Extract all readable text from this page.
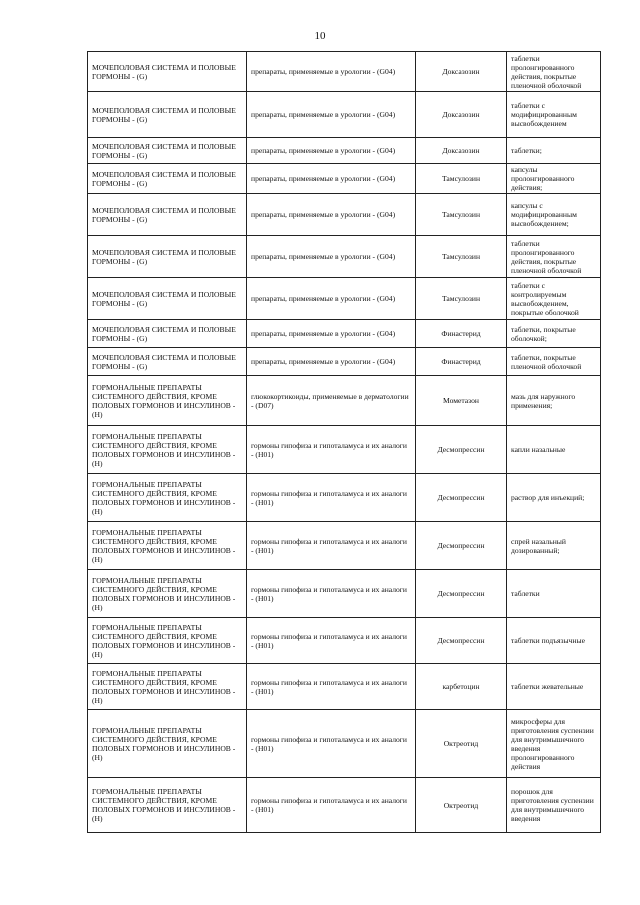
10
МОЧЕПОЛОВАЯ СИСТЕМА И ПОЛОВЫЕ ГОРМОНЫ - (G)	препараты, применяемые в урологии - (G04)	Доксазозин	таблетки пролонгированного действия, покрытые пленочной оболочкой
МОЧЕПОЛОВАЯ СИСТЕМА И ПОЛОВЫЕ ГОРМОНЫ - (G)	препараты, применяемые в урологии - (G04)	Доксазозин	таблетки с модифицированным высвобождением
МОЧЕПОЛОВАЯ СИСТЕМА И ПОЛОВЫЕ ГОРМОНЫ - (G)	препараты, применяемые в урологии - (G04)	Доксазозин	таблетки;
МОЧЕПОЛОВАЯ СИСТЕМА И ПОЛОВЫЕ ГОРМОНЫ - (G)	препараты, применяемые в урологии - (G04)	Тамсулозин	капсулы пролонгированного действия;
МОЧЕПОЛОВАЯ СИСТЕМА И ПОЛОВЫЕ ГОРМОНЫ - (G)	препараты, применяемые в урологии - (G04)	Тамсулозин	капсулы с модифицированным высвобождением;
МОЧЕПОЛОВАЯ СИСТЕМА И ПОЛОВЫЕ ГОРМОНЫ - (G)	препараты, применяемые в урологии - (G04)	Тамсулозин	таблетки пролонгированного действия, покрытые пленочной оболочкой
МОЧЕПОЛОВАЯ СИСТЕМА И ПОЛОВЫЕ ГОРМОНЫ - (G)	препараты, применяемые в урологии - (G04)	Тамсулозин	таблетки с контролируемым высвобождением, покрытые оболочкой
МОЧЕПОЛОВАЯ СИСТЕМА И ПОЛОВЫЕ ГОРМОНЫ - (G)	препараты, применяемые в урологии - (G04)	Финастерид	таблетки, покрытые оболочкой;
МОЧЕПОЛОВАЯ СИСТЕМА И ПОЛОВЫЕ ГОРМОНЫ - (G)	препараты, применяемые в урологии - (G04)	Финастерид	таблетки, покрытые пленочной оболочкой
ГОРМОНАЛЬНЫЕ ПРЕПАРАТЫ СИСТЕМНОГО ДЕЙСТВИЯ, КРОМЕ ПОЛОВЫХ ГОРМОНОВ И ИНСУЛИНОВ - (H)	глюкокортикоиды, применяемые в дерматологии - (D07)	Мометазон	мазь для наружного применения;
ГОРМОНАЛЬНЫЕ ПРЕПАРАТЫ СИСТЕМНОГО ДЕЙСТВИЯ, КРОМЕ ПОЛОВЫХ ГОРМОНОВ И ИНСУЛИНОВ - (H)	гормоны гипофиза и гипоталамуса и их аналоги - (H01)	Десмопрессин	капли назальные
ГОРМОНАЛЬНЫЕ ПРЕПАРАТЫ СИСТЕМНОГО ДЕЙСТВИЯ, КРОМЕ ПОЛОВЫХ ГОРМОНОВ И ИНСУЛИНОВ - (H)	гормоны гипофиза и гипоталамуса и их аналоги - (H01)	Десмопрессин	раствор для инъекций;
ГОРМОНАЛЬНЫЕ ПРЕПАРАТЫ СИСТЕМНОГО ДЕЙСТВИЯ, КРОМЕ ПОЛОВЫХ ГОРМОНОВ И ИНСУЛИНОВ - (H)	гормоны гипофиза и гипоталамуса и их аналоги - (H01)	Десмопрессин	спрей назальный дозированный;
ГОРМОНАЛЬНЫЕ ПРЕПАРАТЫ СИСТЕМНОГО ДЕЙСТВИЯ, КРОМЕ ПОЛОВЫХ ГОРМОНОВ И ИНСУЛИНОВ - (H)	гормоны гипофиза и гипоталамуса и их аналоги - (H01)	Десмопрессин	таблетки
ГОРМОНАЛЬНЫЕ ПРЕПАРАТЫ СИСТЕМНОГО ДЕЙСТВИЯ, КРОМЕ ПОЛОВЫХ ГОРМОНОВ И ИНСУЛИНОВ - (H)	гормоны гипофиза и гипоталамуса и их аналоги - (H01)	Десмопрессин	таблетки подъязычные
ГОРМОНАЛЬНЫЕ ПРЕПАРАТЫ СИСТЕМНОГО ДЕЙСТВИЯ, КРОМЕ ПОЛОВЫХ ГОРМОНОВ И ИНСУЛИНОВ - (H)	гормоны гипофиза и гипоталамуса и их аналоги - (H01)	карбетоцин	таблетки жевательные
ГОРМОНАЛЬНЫЕ ПРЕПАРАТЫ СИСТЕМНОГО ДЕЙСТВИЯ, КРОМЕ ПОЛОВЫХ ГОРМОНОВ И ИНСУЛИНОВ - (H)	гормоны гипофиза и гипоталамуса и их аналоги - (H01)	Октреотид	микросферы для приготовления суспензии для внутримышечного введения пролонгированного действия
ГОРМОНАЛЬНЫЕ ПРЕПАРАТЫ СИСТЕМНОГО ДЕЙСТВИЯ, КРОМЕ ПОЛОВЫХ ГОРМОНОВ И ИНСУЛИНОВ - (H)	гормоны гипофиза и гипоталамуса и их аналоги - (H01)	Октреотид	порошок для приготовления суспензии для внутримышечного введения
